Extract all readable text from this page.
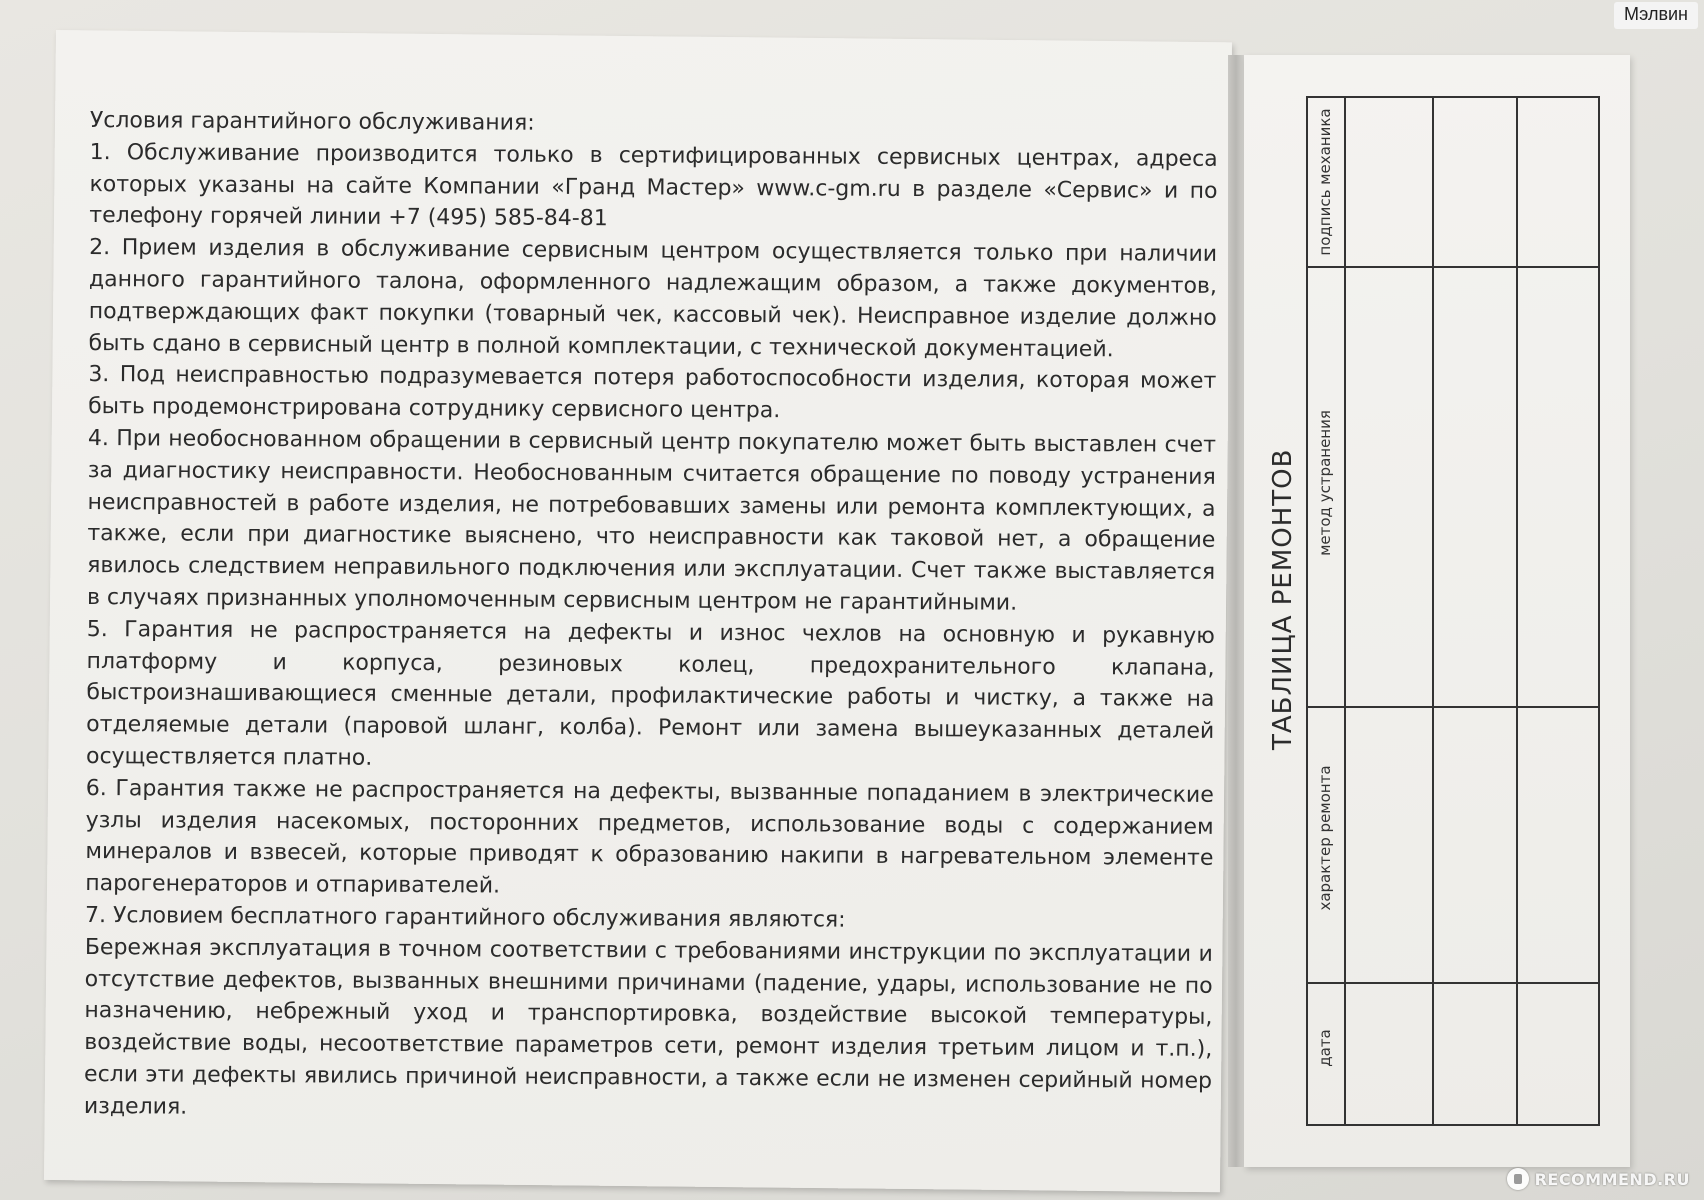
Мэлвин

Условия гарантийного обслуживания:

1. Обслуживание производится только в сертифицированных сервисных центрах, адреса которых указаны на сайте Компании «Гранд Мастер» www.c-gm.ru в разделе «Сервис» и по телефону горячей линии +7 (495) 585-84-81

2. Прием изделия в обслуживание сервисным центром осуществляется только при наличии данного гарантийного талона, оформленного надлежащим образом, а также документов, подтверждающих факт покупки (товарный чек, кассовый чек). Неисправное изделие должно быть сдано в сервисный центр в полной комплектации, с технической документацией.

3. Под неисправностью подразумевается потеря работоспособности изделия, которая может быть продемонстрирована сотруднику сервисного центра.

4. При необоснованном обращении в сервисный центр покупателю может быть выставлен счет за диагностику неисправности. Необоснованным считается обращение по поводу устранения неисправностей в работе изделия, не потребовавших замены или ремонта комплектующих, а также, если при диагностике выяснено, что неисправности как таковой нет, а обращение явилось следствием неправильного подключения или эксплуатации. Счет также выставляется в случаях признанных уполномоченным сервисным центром не гарантийными.

5. Гарантия не распространяется на дефекты и износ чехлов на основную и рукавную платформу и корпуса, резиновых колец, предохранительного клапана, быстроизнашивающиеся сменные детали, профилактические работы и чистку, а также на отделяемые детали (паровой шланг, колба). Ремонт или замена вышеуказанных деталей осуществляется платно.

6. Гарантия также не распространяется на дефекты, вызванные попаданием в электрические узлы изделия насекомых, посторонних предметов, использование воды с содержанием минералов и взвесей, которые приводят к образованию накипи в нагревательном элементе парогенераторов и отпаривателей.

7. Условием бесплатного гарантийного обслуживания являются:

Бережная эксплуатация в точном соответствии с требованиями инструкции по эксплуатации и отсутствие дефектов, вызванных внешними причинами (падение, удары, использование не по назначению, небрежный уход и транспортировка, воздействие высокой температуры, воздействие воды, несоответствие параметров сети, ремонт изделия третьим лицом и т.п.), если эти дефекты явились причиной неисправности, а также если не изменен серийный номер изделия.

ТАБЛИЦА РЕМОНТОВ
дата
характер ремонта
метод устранения
подпись механика
RECOMMEND.RU
